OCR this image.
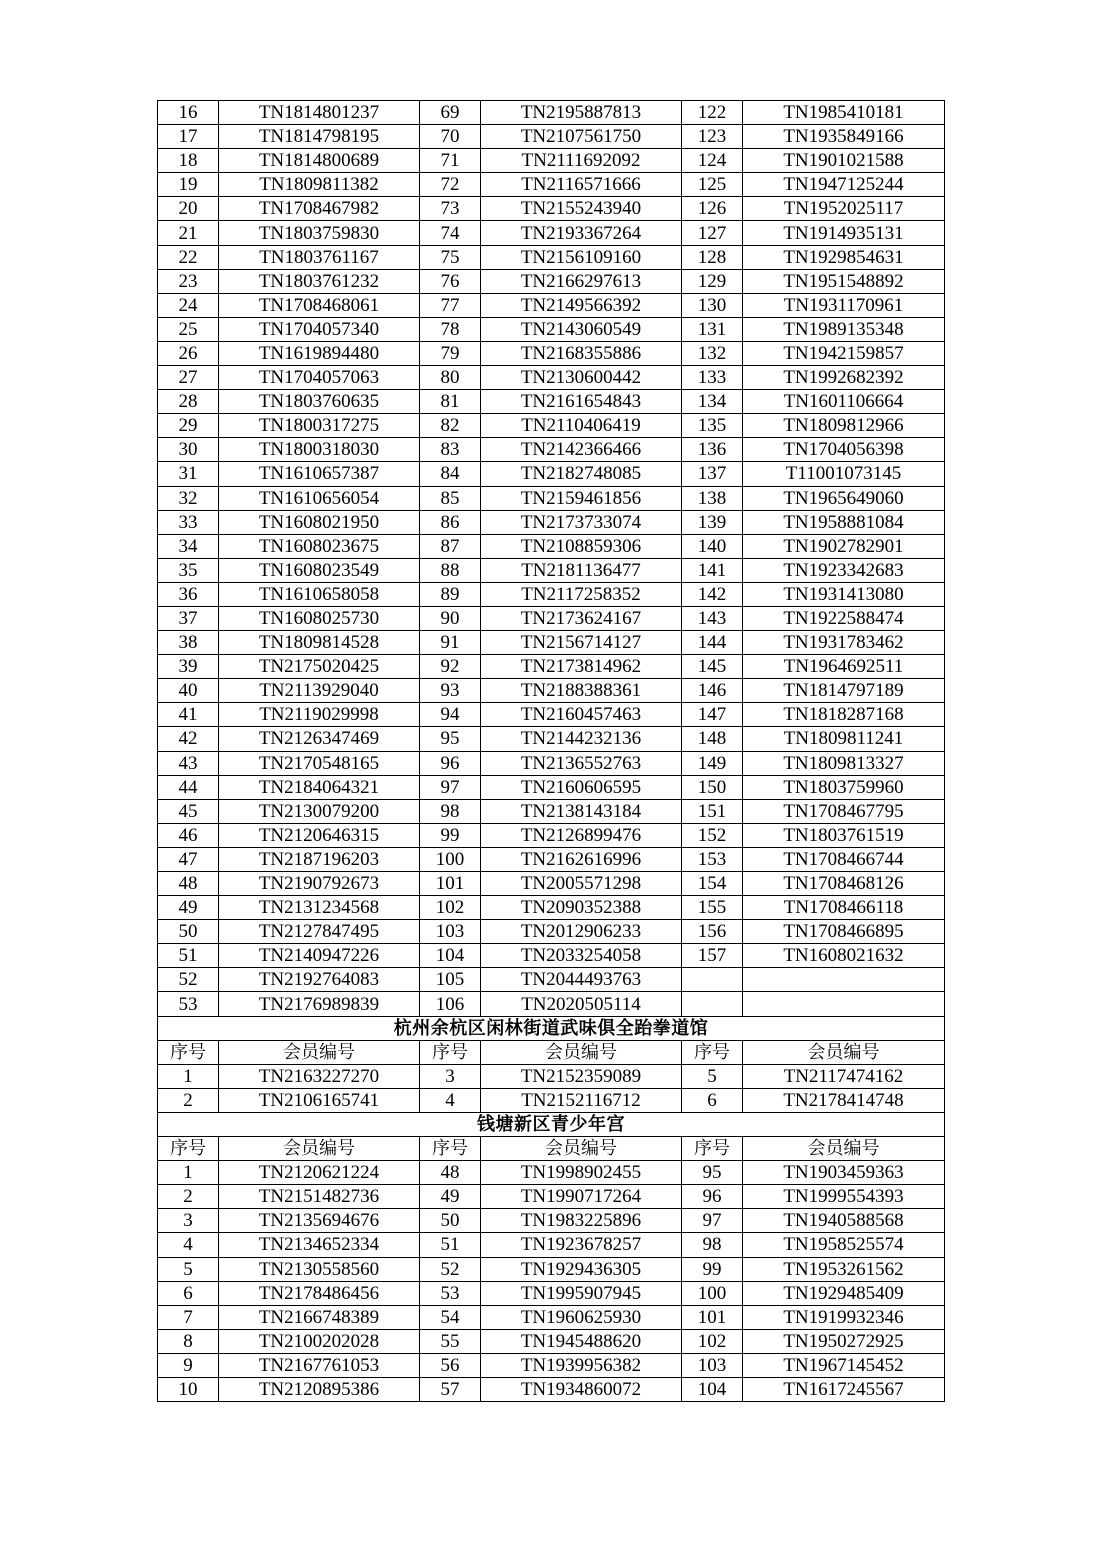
16	TN1814801237	69	TN2195887813	122	TN1985410181
17	TN1814798195	70	TN2107561750	123	TN1935849166
18	TN1814800689	71	TN2111692092	124	TN1901021588
19	TN1809811382	72	TN2116571666	125	TN1947125244
20	TN1708467982	73	TN2155243940	126	TN1952025117
21	TN1803759830	74	TN2193367264	127	TN1914935131
22	TN1803761167	75	TN2156109160	128	TN1929854631
23	TN1803761232	76	TN2166297613	129	TN1951548892
24	TN1708468061	77	TN2149566392	130	TN1931170961
25	TN1704057340	78	TN2143060549	131	TN1989135348
26	TN1619894480	79	TN2168355886	132	TN1942159857
27	TN1704057063	80	TN2130600442	133	TN1992682392
28	TN1803760635	81	TN2161654843	134	TN1601106664
29	TN1800317275	82	TN2110406419	135	TN1809812966
30	TN1800318030	83	TN2142366466	136	TN1704056398
31	TN1610657387	84	TN2182748085	137	T11001073145
32	TN1610656054	85	TN2159461856	138	TN1965649060
33	TN1608021950	86	TN2173733074	139	TN1958881084
34	TN1608023675	87	TN2108859306	140	TN1902782901
35	TN1608023549	88	TN2181136477	141	TN1923342683
36	TN1610658058	89	TN2117258352	142	TN1931413080
37	TN1608025730	90	TN2173624167	143	TN1922588474
38	TN1809814528	91	TN2156714127	144	TN1931783462
39	TN2175020425	92	TN2173814962	145	TN1964692511
40	TN2113929040	93	TN2188388361	146	TN1814797189
41	TN2119029998	94	TN2160457463	147	TN1818287168
42	TN2126347469	95	TN2144232136	148	TN1809811241
43	TN2170548165	96	TN2136552763	149	TN1809813327
44	TN2184064321	97	TN2160606595	150	TN1803759960
45	TN2130079200	98	TN2138143184	151	TN1708467795
46	TN2120646315	99	TN2126899476	152	TN1803761519
47	TN2187196203	100	TN2162616996	153	TN1708466744
48	TN2190792673	101	TN2005571298	154	TN1708468126
49	TN2131234568	102	TN2090352388	155	TN1708466118
50	TN2127847495	103	TN2012906233	156	TN1708466895
51	TN2140947226	104	TN2033254058	157	TN1608021632
52	TN2192764083	105	TN2044493763		
53	TN2176989839	106	TN2020505114		
杭州余杭区闲林街道武味俱全跆拳道馆					
序号	会员编号	序号	会员编号	序号	会员编号
1	TN2163227270	3	TN2152359089	5	TN2117474162
2	TN2106165741	4	TN2152116712	6	TN2178414748
钱塘新区青少年宫					
序号	会员编号	序号	会员编号	序号	会员编号
1	TN2120621224	48	TN1998902455	95	TN1903459363
2	TN2151482736	49	TN1990717264	96	TN1999554393
3	TN2135694676	50	TN1983225896	97	TN1940588568
4	TN2134652334	51	TN1923678257	98	TN1958525574
5	TN2130558560	52	TN1929436305	99	TN1953261562
6	TN2178486456	53	TN1995907945	100	TN1929485409
7	TN2166748389	54	TN1960625930	101	TN1919932346
8	TN2100202028	55	TN1945488620	102	TN1950272925
9	TN2167761053	56	TN1939956382	103	TN1967145452
10	TN2120895386	57	TN1934860072	104	TN1617245567
